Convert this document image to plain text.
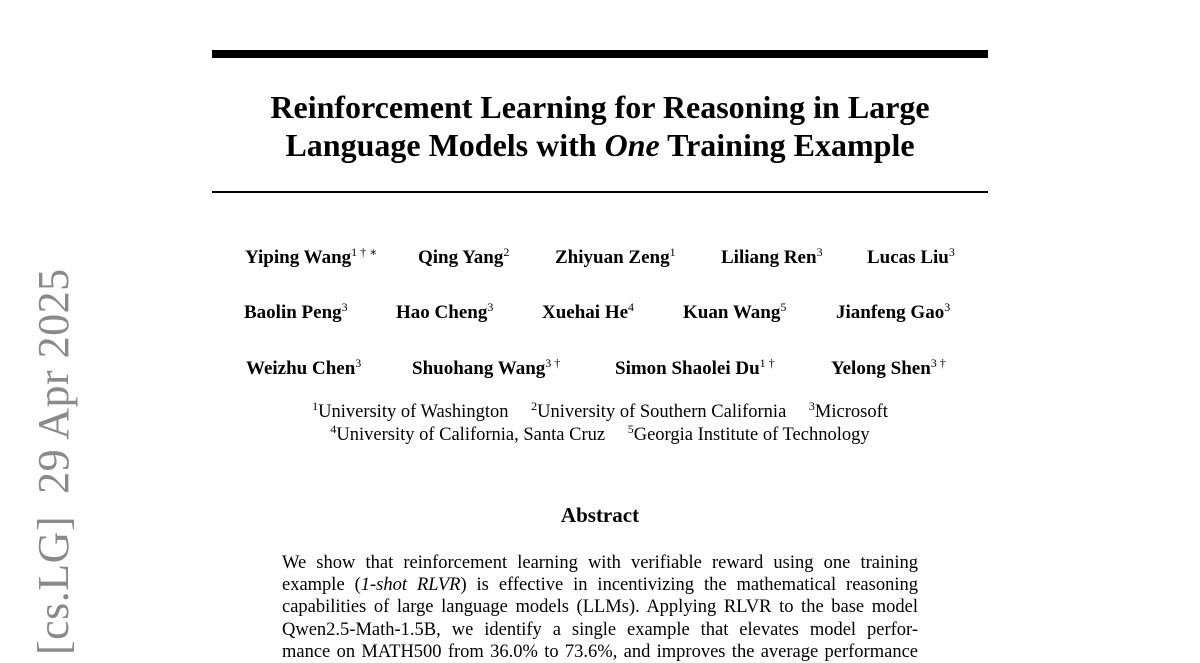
[cs.LG]29 Apr 2025
Reinforcement Learning for Reasoning in Large
Language Models with One Training Example
Yiping Wang$^{1 \dagger ∗}$ Qing Yang$^2$ Zhiyuan Zeng$^1$ Liliang Ren$^3$ Lucas Liu$^3$
Baolin Peng$^3$	Hao Cheng$^3$	Xuehai He$^4$	Kuan Wang$^5$	Jianfeng Gao$^3$
Weizhu Chen$^3$	Shuohang Wang$^{3 \dagger}$	Simon Shaolei $Du^{1 \dagger}$	Yelong Shen$^{3 \dagger}$
$^1$University of Washington $^2$University of Southern California $^3$Microsoft
$^4$University of California, Santa Cruz $^5$Georgia Institute of Technology
Abstract
We show that reinforcement learning with verifiable reward using one training
example (1-shot RLVR) is effective in incentivizing the mathematical reasoning
capabilities of large language models (LLMs). Applying RLVR to the base model
Qwen2.5-Math-1.5B, we identify a single example that elevates model perfor-
mance on MATH500 from 36.0% to 73.6%, and improves the average performance
